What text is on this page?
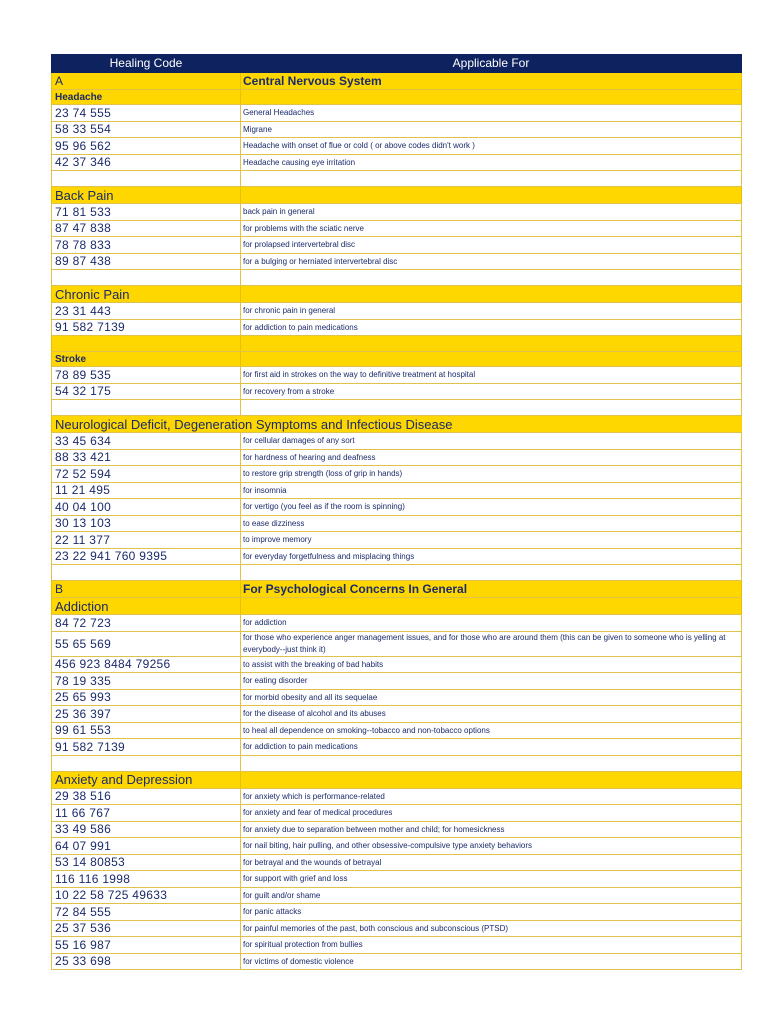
Healing Code	Applicable For
A	Central Nervous System
Headache
23 74 555	General Headaches
58 33 554	Migrane
95 96 562	Headache with onset of flue or cold ( or above codes didn't work )
42 37 346	Headache causing eye irritation
Back Pain
71 81 533	back pain in general
87 47 838	for problems with the sciatic nerve
78 78 833	for prolapsed intervertebral disc
89 87 438	for a bulging or herniated intervertebral disc
Chronic Pain
23 31 443	for chronic pain in general
91 582 7139	for addiction to pain medications
Stroke
78 89 535	for first aid in strokes on the way to definitive treatment at hospital
54 32 175	for recovery from a stroke
Neurological Deficit, Degeneration Symptoms and Infectious Disease
33 45 634	for cellular damages of any sort
88 33 421	for hardness of hearing and deafness
72 52 594	to restore grip strength (loss of grip in hands)
11 21 495	for insomnia
40 04 100	for vertigo (you feel as if the room is spinning)
30 13 103	to ease dizziness
22 11 377	to improve memory
23 22 941 760 9395	for everyday forgetfulness and misplacing things
B	For Psychological Concerns In General
Addiction
84 72 723	for addiction
55 65 569	for those who experience anger management issues, and for those who are around them (this can be given to someone who is yelling at everybody--just think it)
456 923 8484 79256	to assist with the breaking of bad habits
78 19 335	for eating disorder
25 65 993	for morbid obesity and all its sequelae
25 36 397	for the disease of alcohol and its abuses
99 61 553	to heal all dependence on smoking--tobacco and non-tobacco options
91 582 7139	for addiction to pain medications
Anxiety and Depression
29 38 516	for anxiety which is performance-related
11 66 767	for anxiety and fear of medical procedures
33 49 586	for anxiety due to separation between mother and child; for homesickness
64 07 991	for nail biting, hair pulling, and other obsessive-compulsive type anxiety behaviors
53 14 80853	for betrayal and the wounds of betrayal
116 116 1998	for support with grief and loss
10 22 58 725 49633	for guilt and/or shame
72 84 555	for panic attacks
25 37 536	for painful memories of the past, both conscious and subconscious (PTSD)
55 16 987	for spiritual protection from bullies
25 33 698	for victims of domestic violence
